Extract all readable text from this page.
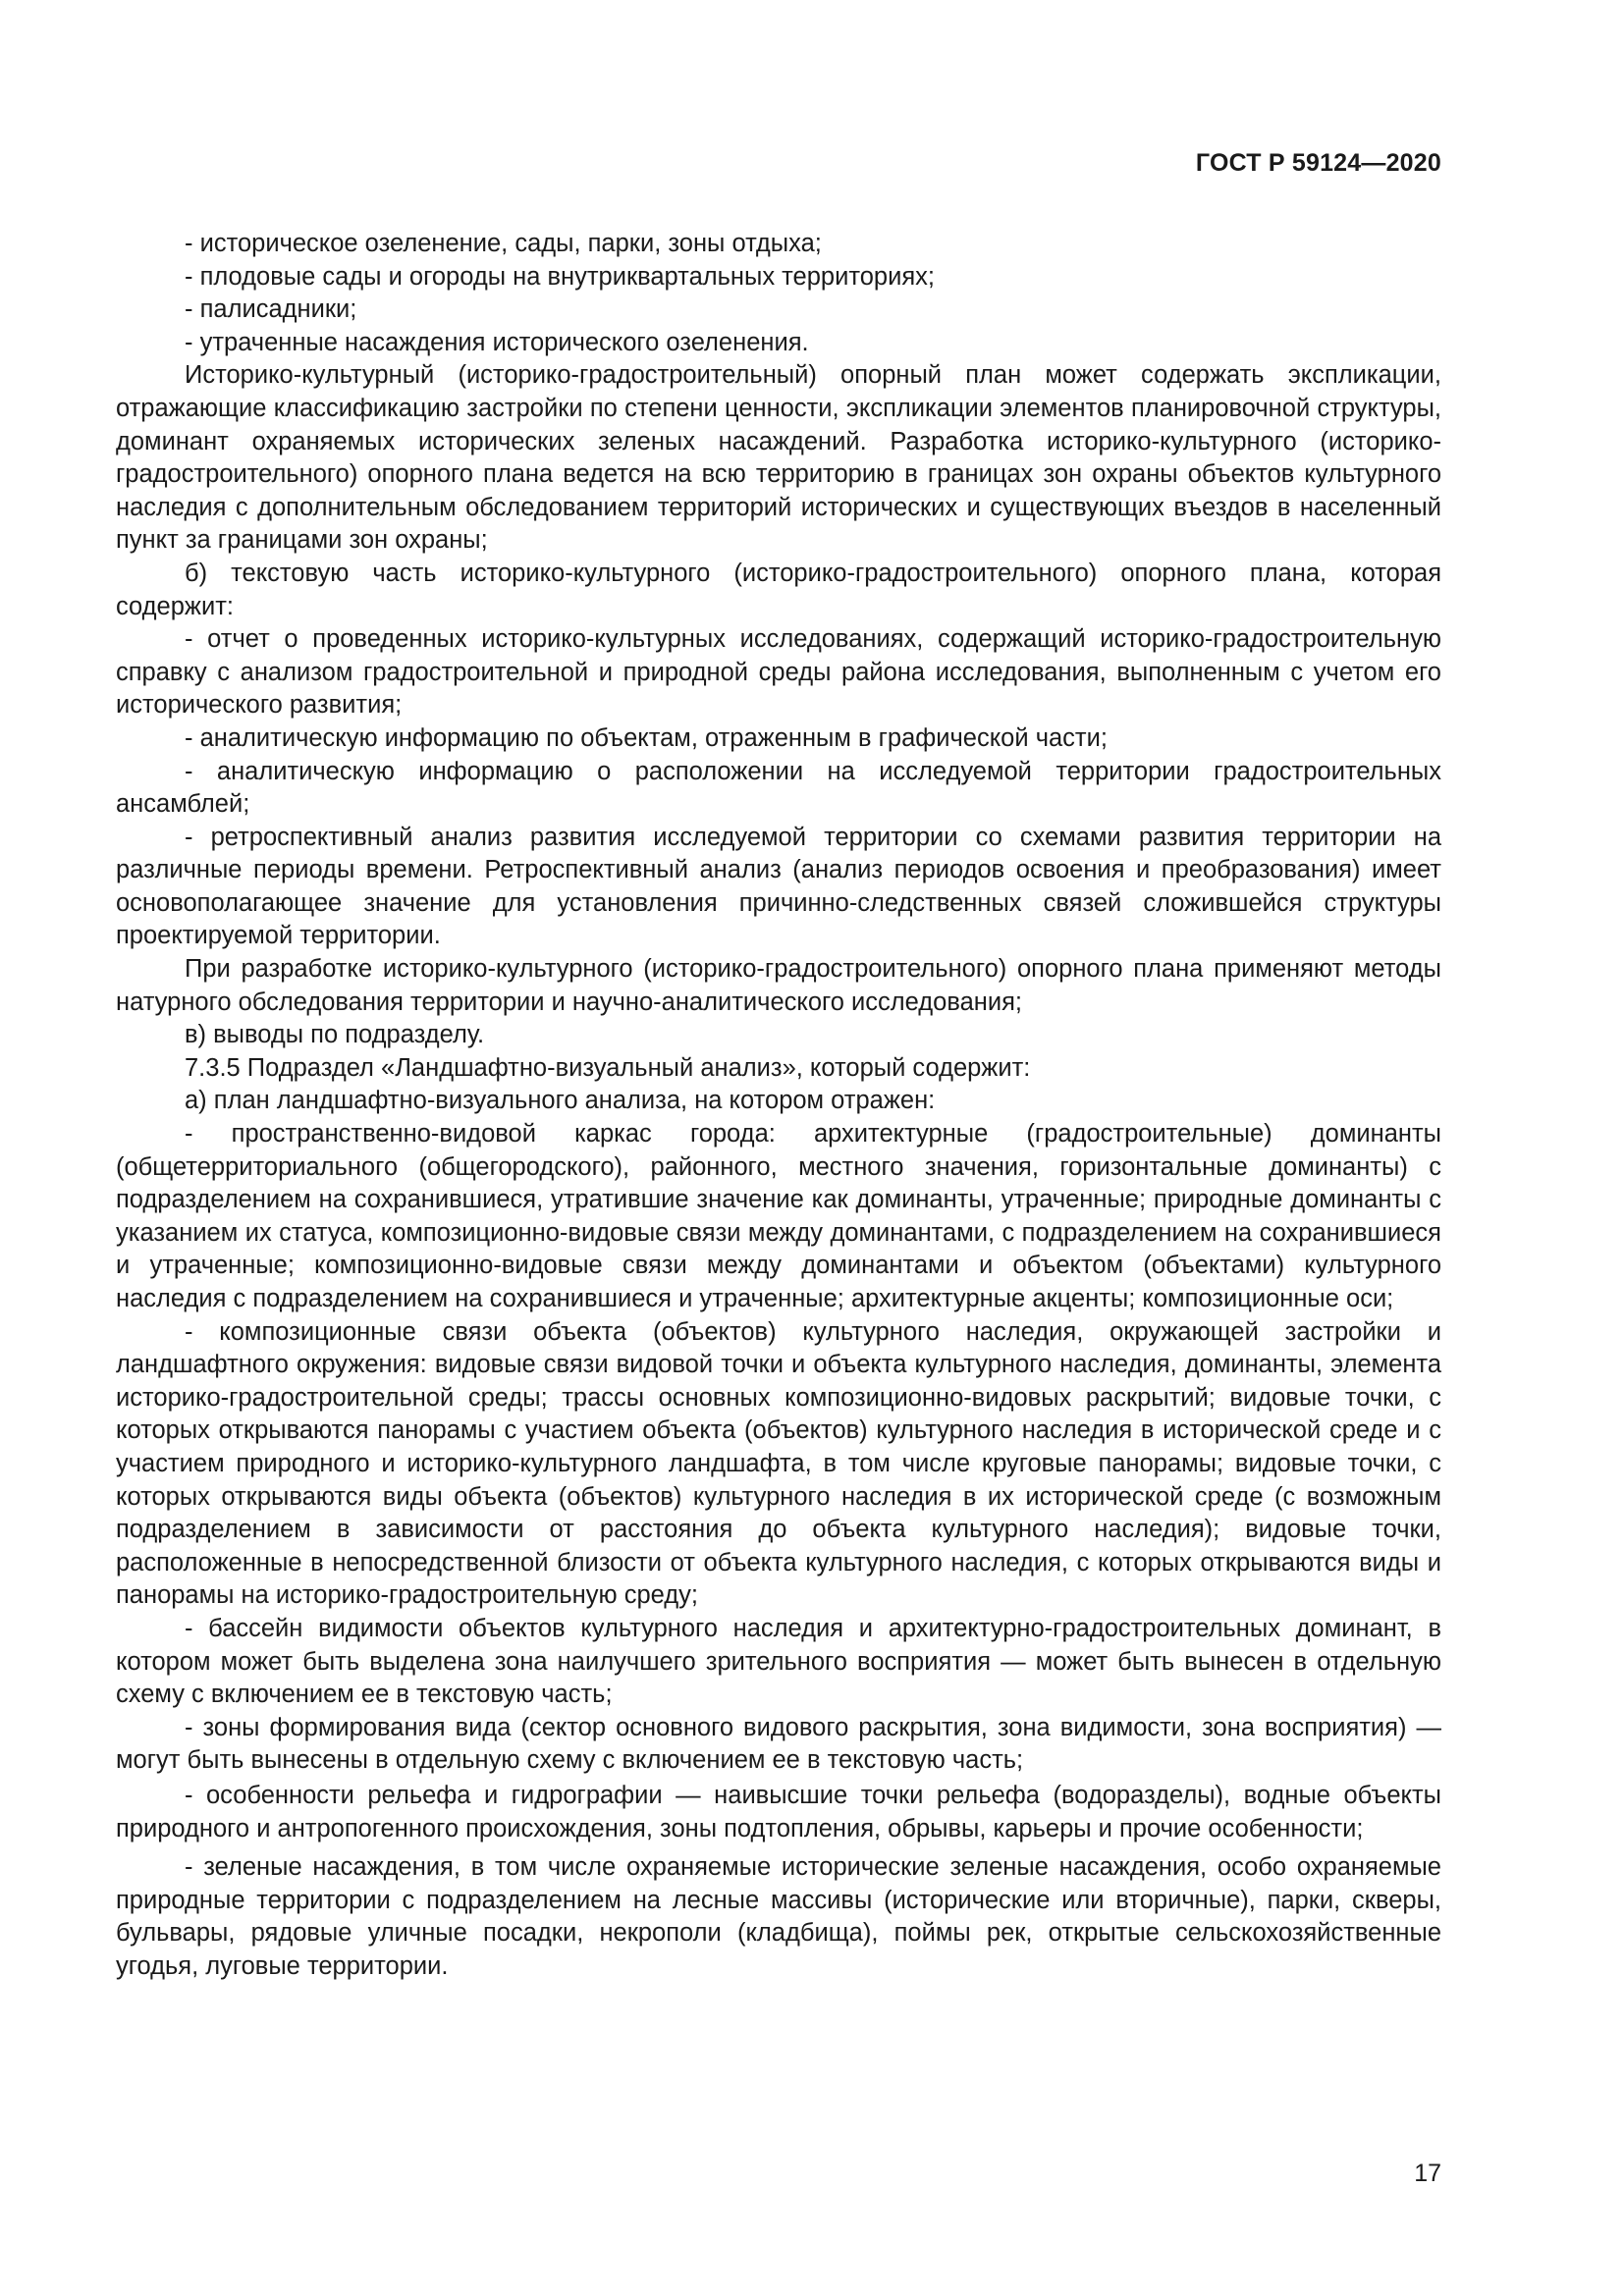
ГОСТ Р 59124—2020

- историческое озеленение, сады, парки, зоны отдыха;

- плодовые сады и огороды на внутриквартальных территориях;

- палисадники;

- утраченные насаждения исторического озеленения.

Историко-культурный (историко-градостроительный) опорный план может содержать экспликации, отражающие классификацию застройки по степени ценности, экспликации элементов планировочной структуры, доминант охраняемых исторических зеленых насаждений. Разработка историко-культурного (историко-градостроительного) опорного плана ведется на всю территорию в границах зон охраны объектов культурного наследия с дополнительным обследованием территорий исторических и существующих въездов в населенный пункт за границами зон охраны;

б) текстовую часть историко-культурного (историко-градостроительного) опорного плана, которая содержит:

- отчет о проведенных историко-культурных исследованиях, содержащий историко-градостроительную справку с анализом градостроительной и природной среды района исследования, выполненным с учетом его исторического развития;

- аналитическую информацию по объектам, отраженным в графической части;

- аналитическую информацию о расположении на исследуемой территории градостроительных ансамблей;

- ретроспективный анализ развития исследуемой территории со схемами развития территории на различные периоды времени. Ретроспективный анализ (анализ периодов освоения и преобразования) имеет основополагающее значение для установления причинно-следственных связей сложившейся структуры проектируемой территории.

При разработке историко-культурного (историко-градостроительного) опорного плана применяют методы натурного обследования территории и научно-аналитического исследования;

в) выводы по подразделу.

7.3.5 Подраздел «Ландшафтно-визуальный анализ», который содержит:

а) план ландшафтно-визуального анализа, на котором отражен:

- пространственно-видовой каркас города: архитектурные (градостроительные) доминанты (общетерриториального (общегородского), районного, местного значения, горизонтальные доминанты) с подразделением на сохранившиеся, утратившие значение как доминанты, утраченные; природные доминанты с указанием их статуса, композиционно-видовые связи между доминантами, с подразделением на сохранившиеся и утраченные; композиционно-видовые связи между доминантами и объектом (объектами) культурного наследия с подразделением на сохранившиеся и утраченные; архитектурные акценты; композиционные оси;

- композиционные связи объекта (объектов) культурного наследия, окружающей застройки и ландшафтного окружения: видовые связи видовой точки и объекта культурного наследия, доминанты, элемента историко-градостроительной среды; трассы основных композиционно-видовых раскрытий; видовые точки, с которых открываются панорамы с участием объекта (объектов) культурного наследия в исторической среде и с участием природного и историко-культурного ландшафта, в том числе круговые панорамы; видовые точки, с которых открываются виды объекта (объектов) культурного наследия в их исторической среде (с возможным подразделением в зависимости от расстояния до объекта культурного наследия); видовые точки, расположенные в непосредственной близости от объекта культурного наследия, с которых открываются виды и панорамы на историко-градостроительную среду;

- бассейн видимости объектов культурного наследия и архитектурно-градостроительных доминант, в котором может быть выделена зона наилучшего зрительного восприятия — может быть вынесен в отдельную схему с включением ее в текстовую часть;

- зоны формирования вида (сектор основного видового раскрытия, зона видимости, зона восприятия) — могут быть вынесены в отдельную схему с включением ее в текстовую часть;

- особенности рельефа и гидрографии — наивысшие точки рельефа (водоразделы), водные объекты природного и антропогенного происхождения, зоны подтопления, обрывы, карьеры и прочие особенности;

- зеленые насаждения, в том числе охраняемые исторические зеленые насаждения, особо охраняемые природные территории с подразделением на лесные массивы (исторические или вторичные), парки, скверы, бульвары, рядовые уличные посадки, некрополи (кладбища), поймы рек, открытые сельскохозяйственные угодья, луговые территории.

17
